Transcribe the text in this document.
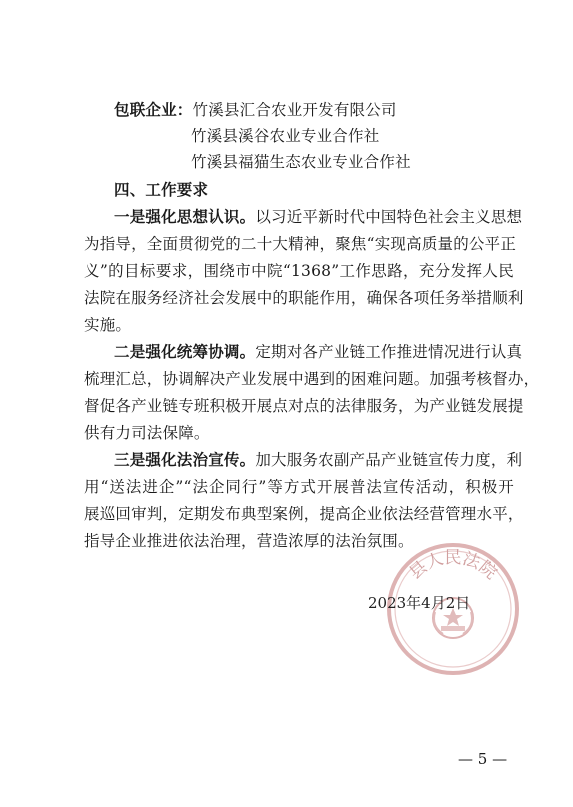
包联企业：竹溪县汇合农业开发有限公司
竹溪县溪谷农业专业合作社
竹溪县福猫生态农业专业合作社
四、工作要求
一是强化思想认识。以习近平新时代中国特色社会主义思想
为指导，全面贯彻党的二十大精神，聚焦“实现高质量的公平正
义”的目标要求，围绕市中院“1368”工作思路，充分发挥人民
法院在服务经济社会发展中的职能作用，确保各项任务举措顺利
实施。
二是强化统筹协调。定期对各产业链工作推进情况进行认真
梳理汇总，协调解决产业发展中遇到的困难问题。加强考核督办，
督促各产业链专班积极开展点对点的法律服务，为产业链发展提
供有力司法保障。
三是强化法治宣传。加大服务农副产品产业链宣传力度，利
用“送法进企”“法企同行”等方式开展普法宣传活动，积极开
展巡回审判，定期发布典型案例，提高企业依法经营管理水平，
指导企业推进依法治理，营造浓厚的法治氛围。
县人民法院
2023年4月2日
— 5 —
